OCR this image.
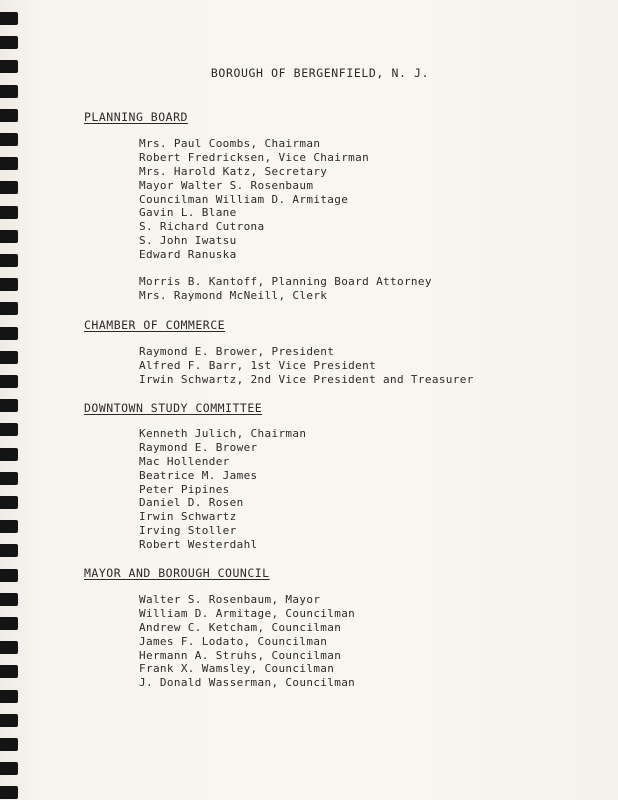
BOROUGH OF BERGENFIELD, N. J.
PLANNING BOARD
Mrs. Paul Coombs, Chairman
Robert Fredricksen, Vice Chairman
Mrs. Harold Katz, Secretary
Mayor Walter S. Rosenbaum
Councilman William D. Armitage
Gavin L. Blane
S. Richard Cutrona
S. John Iwatsu
Edward Ranuska
Morris B. Kantoff, Planning Board Attorney
Mrs. Raymond McNeill, Clerk
CHAMBER OF COMMERCE
Raymond E. Brower, President
Alfred F. Barr, 1st Vice President
Irwin Schwartz, 2nd Vice President and Treasurer
DOWNTOWN STUDY COMMITTEE
Kenneth Julich, Chairman
Raymond E. Brower
Mac Hollender
Beatrice M. James
Peter Pipines
Daniel D. Rosen
Irwin Schwartz
Irving Stoller
Robert Westerdahl
MAYOR AND BOROUGH COUNCIL
Walter S. Rosenbaum, Mayor
William D. Armitage, Councilman
Andrew C. Ketcham, Councilman
James F. Lodato, Councilman
Hermann A. Struhs, Councilman
Frank X. Wamsley, Councilman
J. Donald Wasserman, Councilman
